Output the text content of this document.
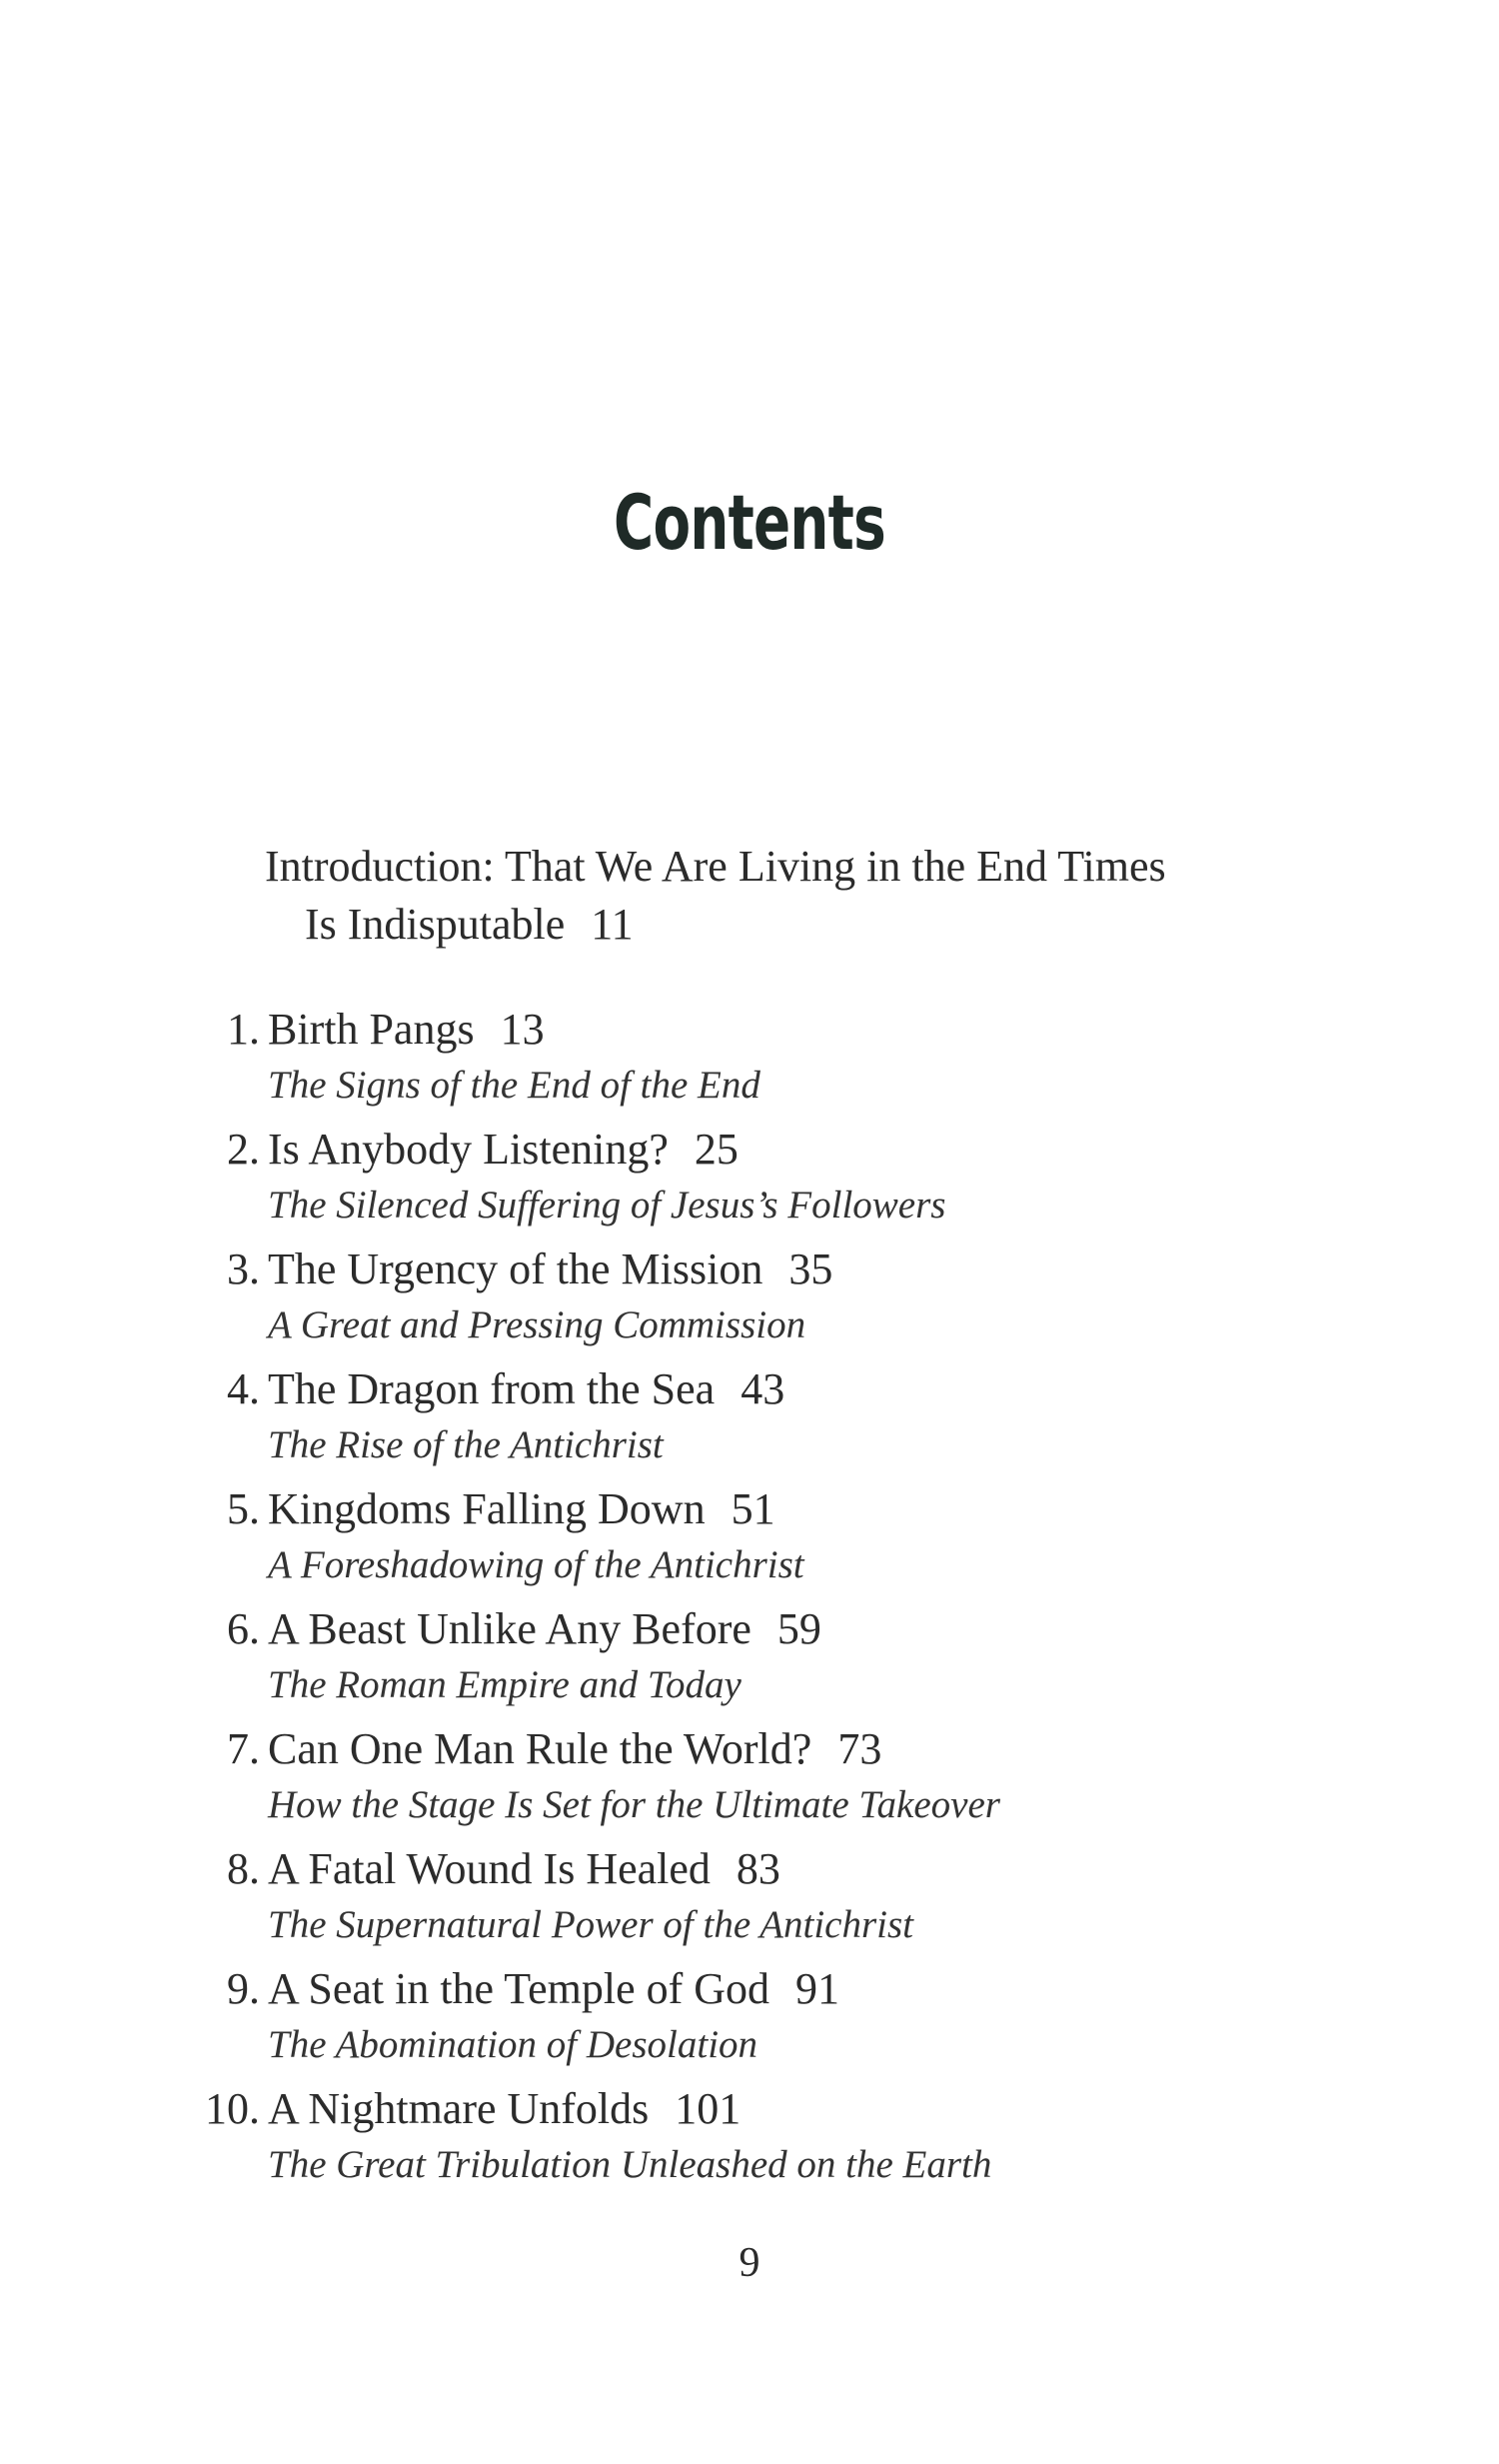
Contents
Introduction: That We Are Living in the End Times
Is Indisputable 11
1. Birth Pangs 13
The Signs of the End of the End
2. Is Anybody Listening? 25
The Silenced Suffering of Jesus’s Followers
3. The Urgency of the Mission 35
A Great and Pressing Commission
4. The Dragon from the Sea 43
The Rise of the Antichrist
5. Kingdoms Falling Down 51
A Foreshadowing of the Antichrist
6. A Beast Unlike Any Before 59
The Roman Empire and Today
7. Can One Man Rule the World? 73
How the Stage Is Set for the Ultimate Takeover
8. A Fatal Wound Is Healed 83
The Supernatural Power of the Antichrist
9. A Seat in the Temple of God 91
The Abomination of Desolation
10. A Nightmare Unfolds 101
The Great Tribulation Unleashed on the Earth
9
